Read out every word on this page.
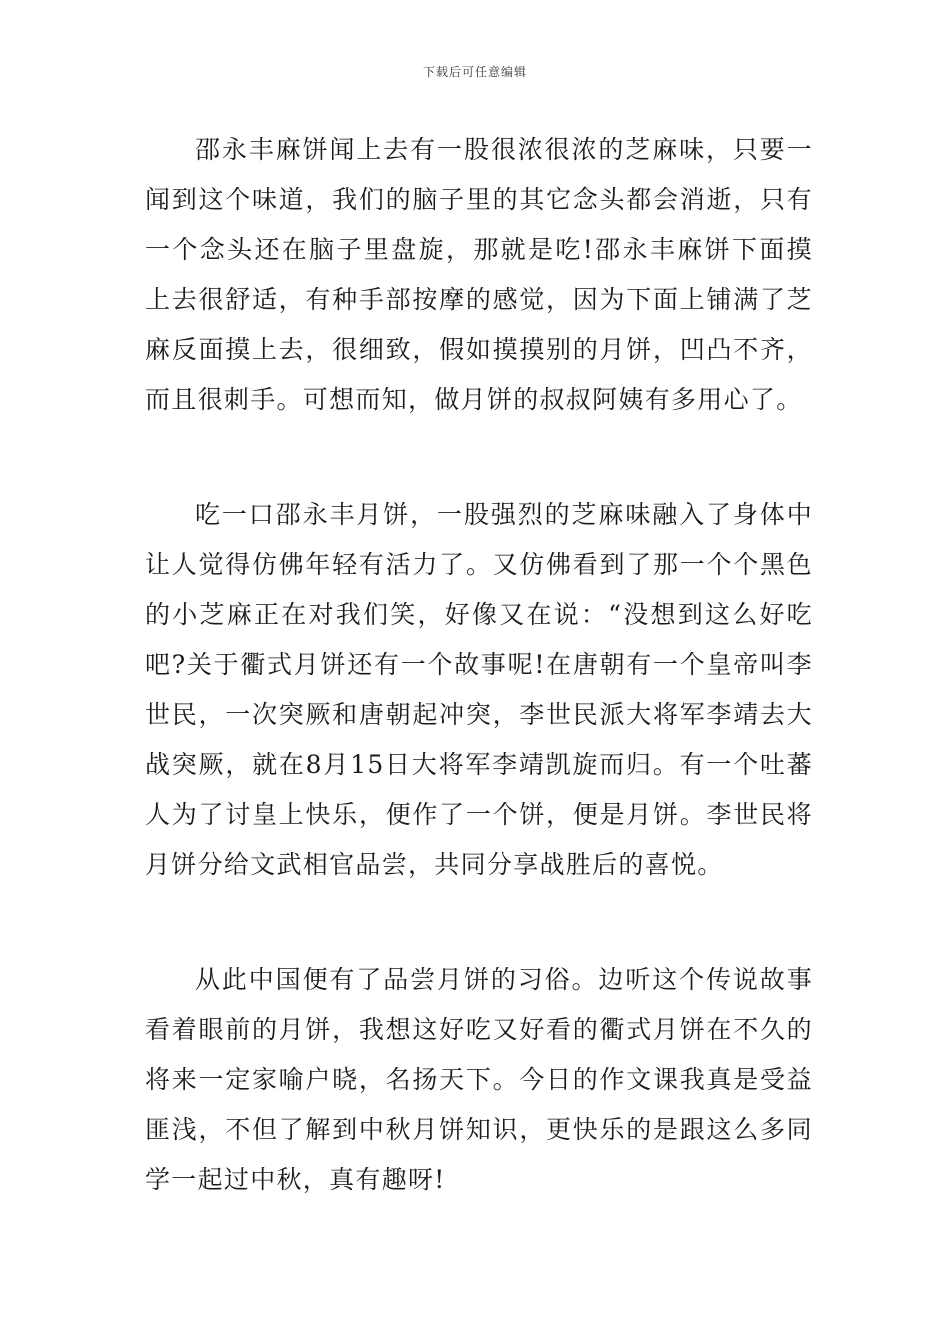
下载后可任意编辑

邵永丰麻饼闻上去有一股很浓很浓的芝麻味，只要一闻到这个味道，我们的脑子里的其它念头都会消逝，只有一个念头还在脑子里盘旋，那就是吃!邵永丰麻饼下面摸上去很舒适，有种手部按摩的感觉，因为下面上铺满了芝麻反面摸上去，很细致，假如摸摸别的月饼，凹凸不齐，而且很刺手。可想而知，做月饼的叔叔阿姨有多用心了。

吃一口邵永丰月饼，一股强烈的芝麻味融入了身体中让人觉得仿佛年轻有活力了。又仿佛看到了那一个个黑色的小芝麻正在对我们笑，好像又在说：“没想到这么好吃吧?关于衢式月饼还有一个故事呢!在唐朝有一个皇帝叫李世民，一次突厥和唐朝起冲突，李世民派大将军李靖去大战突厥，就在8月15日大将军李靖凯旋而归。有一个吐蕃人为了讨皇上快乐，便作了一个饼，便是月饼。李世民将月饼分给文武相官品尝，共同分享战胜后的喜悦。

从此中国便有了品尝月饼的习俗。边听这个传说故事看着眼前的月饼，我想这好吃又好看的衢式月饼在不久的将来一定家喻户晓，名扬天下。今日的作文课我真是受益匪浅，不但了解到中秋月饼知识，更快乐的是跟这么多同学一起过中秋，真有趣呀!
